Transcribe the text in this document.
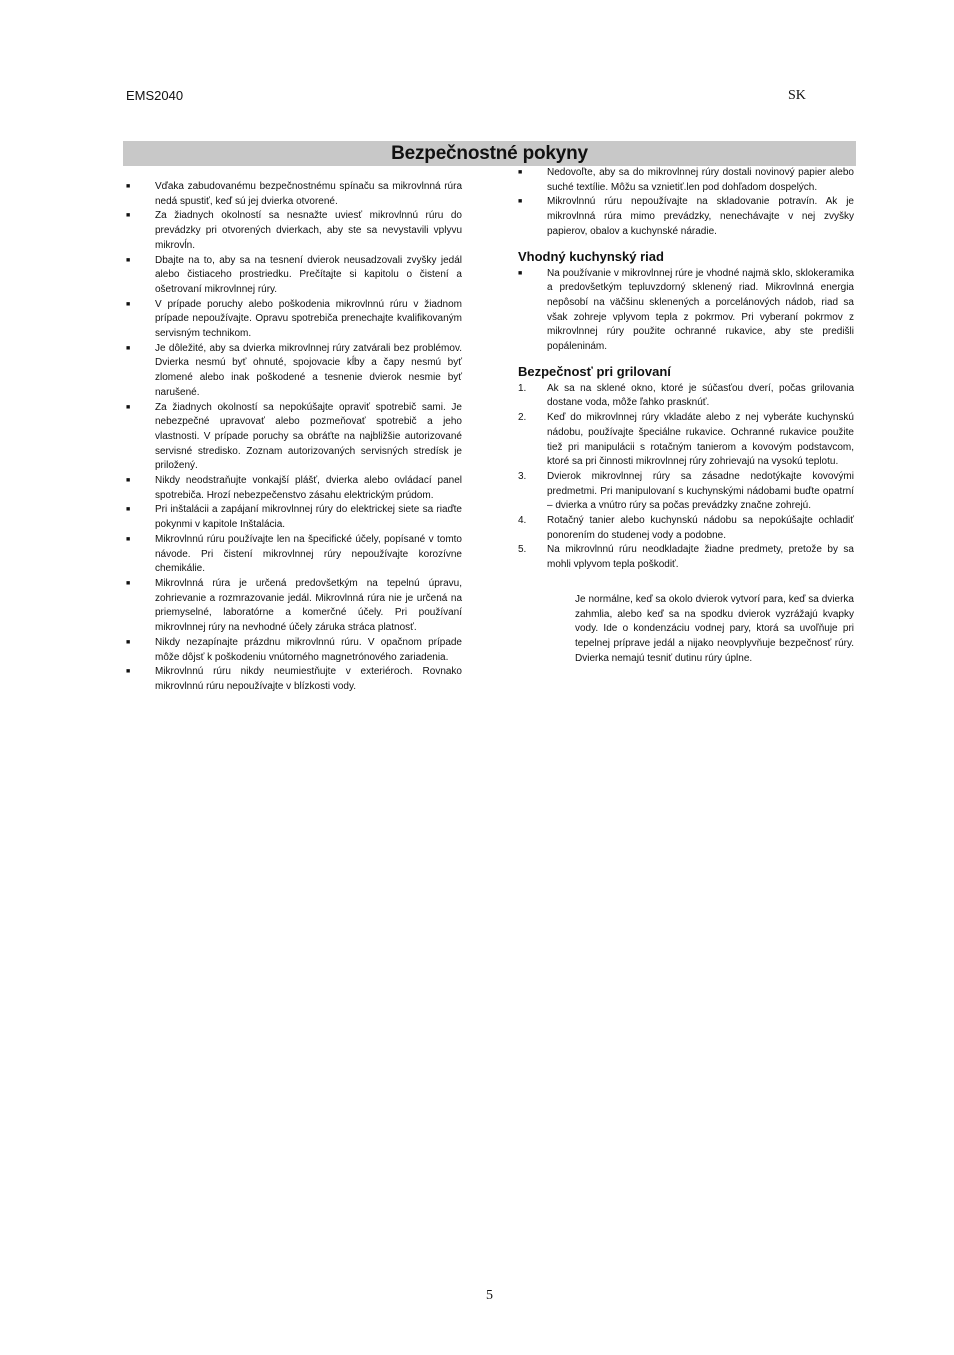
EMS2040	SK
Bezpečnostné pokyny
■ Vďaka zabudovanému bezpečnostnému spínaču sa mikrovlnná rúra nedá spustiť, keď sú jej dvierka otvorené.
■ Za žiadnych okolností sa nesnažte uviesť mikrovlnnú rúru do prevádzky pri otvorených dvierkach, aby ste sa nevystavili vplyvu mikrovĺn.
■ Dbajte na to, aby sa na tesnení dvierok neusadzovali zvyšky jedál alebo čistiaceho prostriedku. Prečítajte si kapitolu o čistení a ošetrovaní mikrovlnnej rúry.
■ V prípade poruchy alebo poškodenia mikrovlnnú rúru v žiadnom prípade nepoužívajte. Opravu spotrebiča prenechajte kvalifikovaným servisným technikom.
■ Je dôležité, aby sa dvierka mikrovlnnej rúry zatvárali bez problémov. Dvierka nesmú byť ohnuté, spojovacie kĺby a čapy nesmú byť zlomené alebo inak poškodené a tesnenie dvierok nesmie byť narušené.
■ Za žiadnych okolností sa nepokúšajte opraviť spotrebič sami. Je nebezpečné upravovať alebo pozmeňovať spotrebič a jeho vlastnosti. V prípade poruchy sa obráťte na najbližšie autorizované servisné stredisko. Zoznam autorizovaných servisných stredísk je priložený.
■ Nikdy neodstraňujte vonkajší plášť, dvierka alebo ovládací panel spotrebiča. Hrozí nebezpečenstvo zásahu elektrickým prúdom.
■ Pri inštalácii a zapájaní mikrovlnnej rúry do elektrickej siete sa riaďte pokynmi v kapitole Inštalácia.
■ Mikrovlnnú rúru používajte len na špecifické účely, popísané v tomto návode. Pri čistení mikrovlnnej rúry nepoužívajte korozívne chemikálie.
■ Mikrovlnná rúra je určená predovšetkým na tepelnú úpravu, zohrievanie a rozmrazovanie jedál. Mikrovlnná rúra nie je určená na priemyselné, laboratórne a komerčné účely. Pri používaní mikrovlnnej rúry na nevhodné účely záruka stráca platnosť.
■ Nikdy nezapínajte prázdnu mikrovlnnú rúru. V opačnom prípade môže dôjsť k poškodeniu vnútorného magnetrónového zariadenia.
■ Mikrovlnnú rúru nikdy neumiestňujte v exteriéroch. Rovnako mikrovlnnú rúru nepoužívajte v blízkosti vody.
■ Nedovoľte, aby sa do mikrovlnnej rúry dostali novinový papier alebo suché textílie. Môžu sa vznietiť.len pod dohľadom dospelých.
■ Mikrovlnnú rúru nepoužívajte na skladovanie potravín. Ak je mikrovlnná rúra mimo prevádzky, nenechávajte v nej zvyšky papierov, obalov a kuchynské náradie.
Vhodný kuchynský riad
■ Na používanie v mikrovlnnej rúre je vhodné najmä sklo, sklokeramika a predovšetkým tepluvzdorný sklenený riad. Mikrovlnná energia nepôsobí na väčšinu sklenených a porcelánových nádob, riad sa však zohreje vplyvom tepla z pokrmov. Pri vyberaní pokrmov z mikrovlnnej rúry použite ochranné rukavice, aby ste predišli popáleninám.
Bezpečnosť pri grilovaní
1. Ak sa na sklené okno, ktoré je súčasťou dverí, počas grilovania dostane voda, môže ľahko prasknúť.
2. Keď do mikrovlnnej rúry vkladáte alebo z nej vyberáte kuchynskú nádobu, používajte špeciálne rukavice. Ochranné rukavice použite tiež pri manipulácii s rotačným tanierom a kovovým podstavcom, ktoré sa pri činnosti mikrovlnnej rúry zohrievajú na vysokú teplotu.
3. Dvierok mikrovlnnej rúry sa zásadne nedotýkajte kovovými predmetmi. Pri manipulovaní s kuchynskými nádobami buďte opatrní – dvierka a vnútro rúry sa počas prevádzky značne zohrejú.
4. Rotačný tanier alebo kuchynskú nádobu sa nepokúšajte ochladiť ponorením do studenej vody a podobne.
5. Na mikrovlnnú rúru neodkladajte žiadne predmety, pretože by sa mohli vplyvom tepla poškodiť.
Je normálne, keď sa okolo dvierok vytvorí para, keď sa dvierka zahmlia, alebo keď sa na spodku dvierok vyzrážajú kvapky vody. Ide o kondenzáciu vodnej pary, ktorá sa uvoľňuje pri tepelnej príprave jedál a nijako neovplyvňuje bezpečnosť rúry. Dvierka nemajú tesniť dutinu rúry úplne.
5
